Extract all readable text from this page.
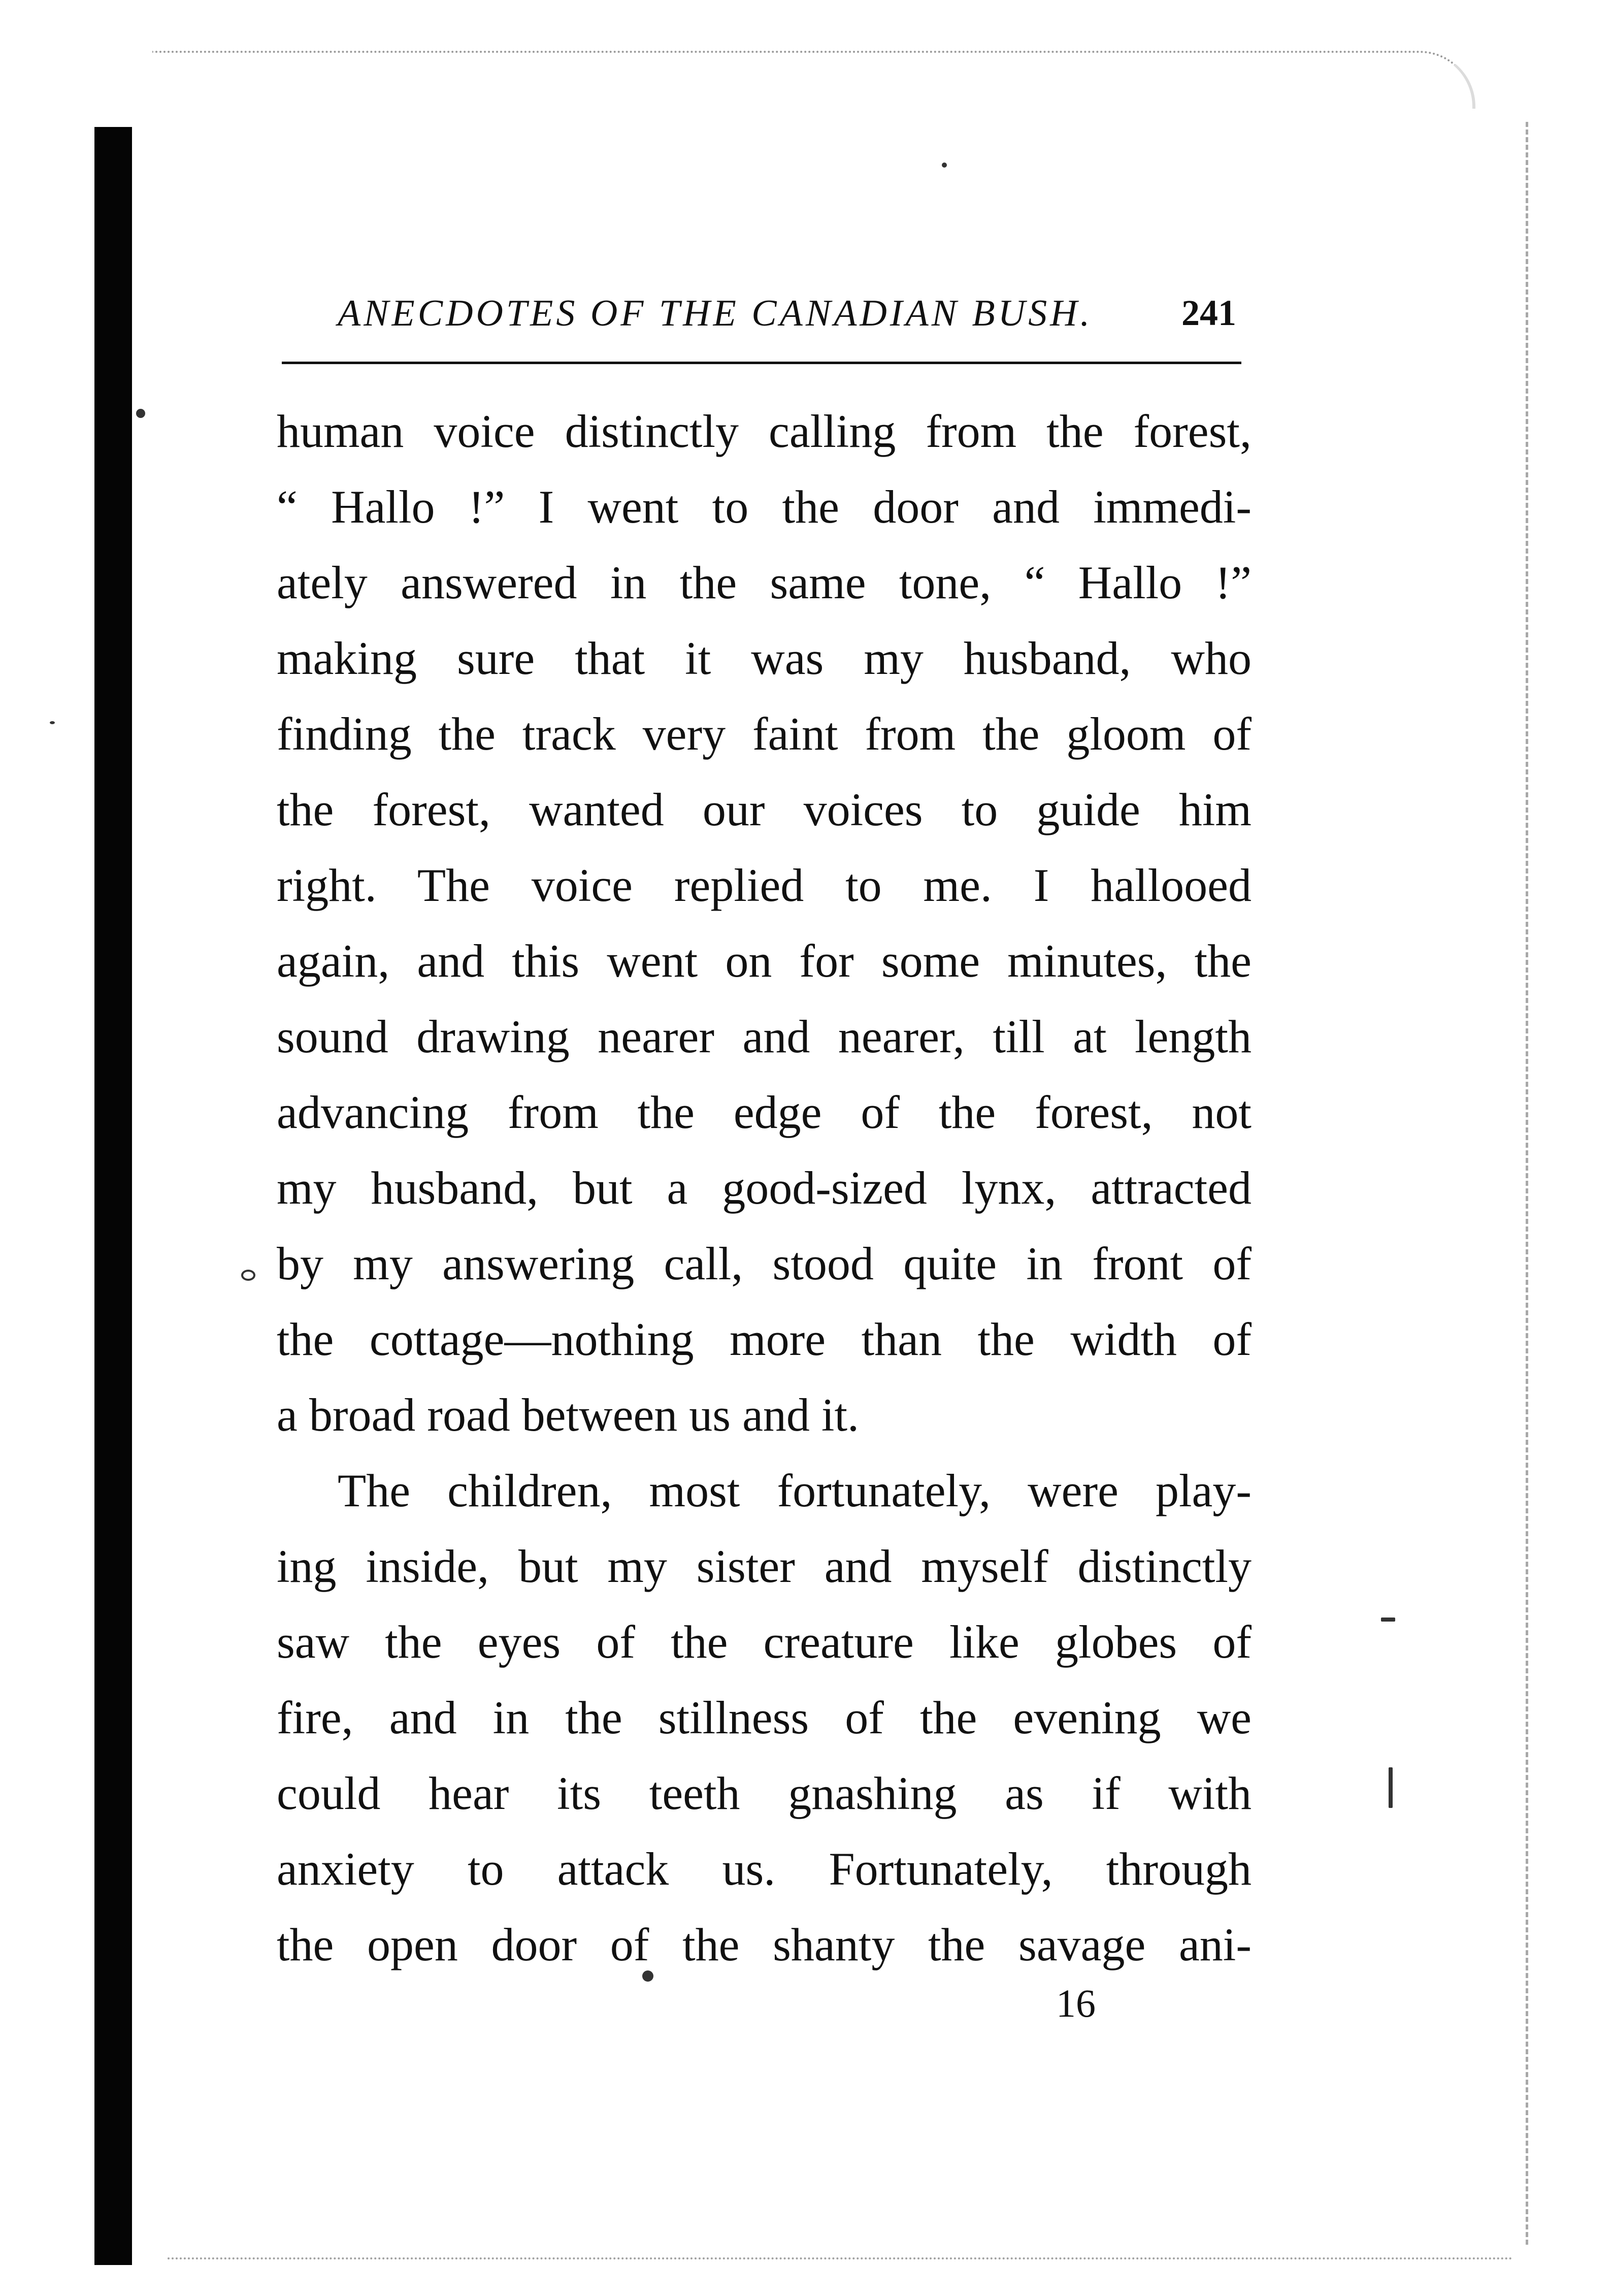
ANECDOTES OF THE CANADIAN BUSH. 241
human voice distinctly calling from the forest,
“ Hallo !” I went to the door and immedi-
ately answered in the same tone, “ Hallo !”
making sure that it was my husband, who
finding the track very faint from the gloom of
the forest, wanted our voices to guide him
right. The voice replied to me. I hallooed
again, and this went on for some minutes, the
sound drawing nearer and nearer, till at length
advancing from the edge of the forest, not
my husband, but a good-sized lynx, attracted
by my answering call, stood quite in front of
the cottage—nothing more than the width of
a broad road between us and it.
The children, most fortunately, were play-
ing inside, but my sister and myself distinctly
saw the eyes of the creature like globes of
fire, and in the stillness of the evening we
could hear its teeth gnashing as if with
anxiety to attack us. Fortunately, through
the open door of the shanty the savage ani-
16
